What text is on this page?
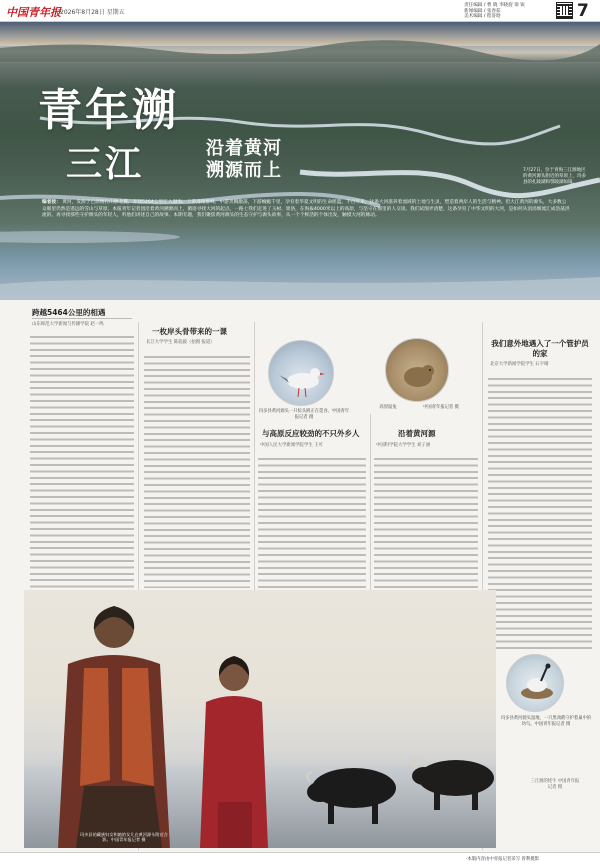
中国青年报 2026年8月28日 星期五
责任编辑 / 曹 晓 李晓旋 梁 锐
新闻编辑 / 张春茹
美术编辑 / 程哥晗	7
青年溯
三江	沿着黄河
溯源而上	7月27日，位于青海三江源地区的黄河源头附近的草原上，玛多县的扎陵湖和鄂陵湖如镜。
编者按： 黄河，发源于巴颜喀拉山脉北麓，奔涌5464公里汇入渤海。上游漫漫群峰，中游奔腾激荡，下游蜿蜒千里，孕育着华夏文明的生命摇篮。千百年来，这条大河滋养着流域的土地与生灵，塑造着两岸人的生活与精神。但大江黄河的源头，大多数公众眼里仍然是遥远的雪山与草原。本报青年记者团沿着黄河溯源而上，循迹寻找大河的起点。一路上我们走进了玉树、果洛，在海拔4000米以上的高原，与坚守在那里的人交谈。我们试图弄清楚，这条孕育了中华文明的大河，是如何从涓涓细流汇成浩荡洪流的。再寻找那些守护源头的年轻人，听他们讲述自己的故事。本期专题，我们聚焦黄河源头的生态守护与源头故事，从一个个鲜活的个体出发，触摸大河的脉动。
跨越5464公里的相遇
山东师范大学新闻与传播学院 赵一鸣
一枚岸头骨带来的一课
长江大学学生 陈骁毅（拍摄 报道）
玛多县黄河源头一只棕头鸥正在觅食。中国青年报记者 摄
高原鼠兔	中国青年报记者 摄
与高原反应较劲的不只外乡人
中国人民大学新闻学院学生 王可
沿着黄河源
中国科学院大学学生 刘子涵
我们意外地遇入了一个管护员的家
北京大学新闻学院学生 石宇晴
玛多县黄河源头湿地，一只黑颈鹤守护着巢中的幼鸟。中国青年报记者 摄
玛多县的藏族妇女和她的女儿在黄河源头附近合影。中国青年报记者 摄
三江源的牦牛 中国青年报记者 摄
·本版内容由中青报记者采写 曾利摄影
